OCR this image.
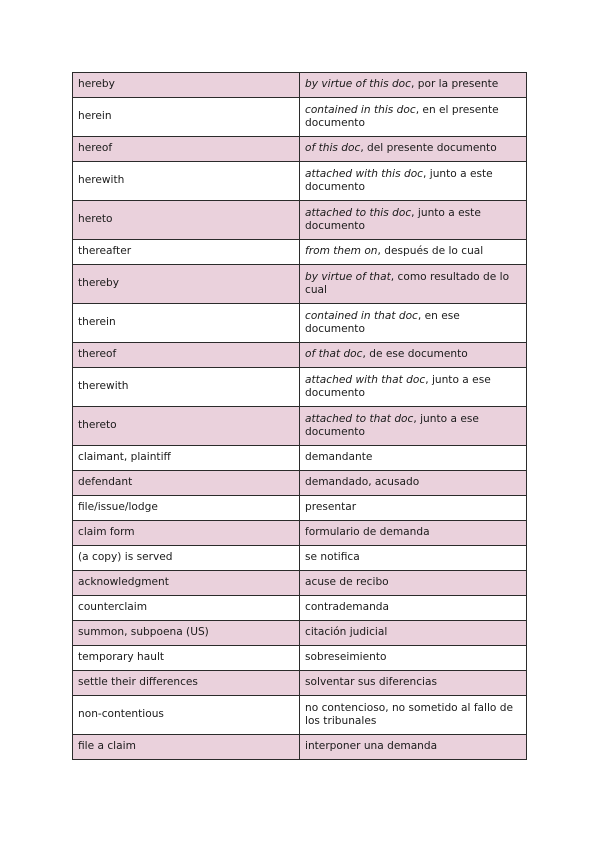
hereby	by virtue of this doc, por la presente
herein	contained in this doc, en el presente documento
hereof	of this doc, del presente documento
herewith	attached with this doc, junto a este documento
hereto	attached to this doc, junto a este documento
thereafter	from them on, después de lo cual
thereby	by virtue of that, como resultado de lo cual
therein	contained in that doc, en ese documento
thereof	of that doc, de ese documento
therewith	attached with that doc, junto a ese documento
thereto	attached to that doc, junto a ese documento
claimant, plaintiff	demandante
defendant	demandado, acusado
file/issue/lodge	presentar
claim form	formulario de demanda
(a copy) is served	se notifica
acknowledgment	acuse de recibo
counterclaim	contrademanda
summon, subpoena (US)	citación judicial
temporary hault	sobreseimiento
settle their differences	solventar sus diferencias
non-contentious	no contencioso, no sometido al fallo de los tribunales
file a claim	interponer una demanda
